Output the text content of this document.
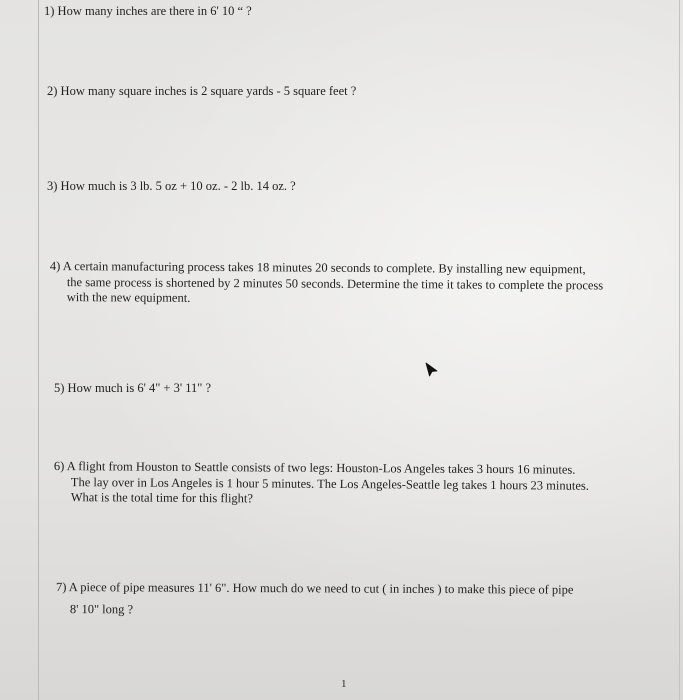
1) How many inches are there in 6' 10 “ ?
2) How many square inches is 2 square yards - 5 square feet ?
3) How much is 3 lb. 5 oz + 10 oz. - 2 lb. 14 oz. ?
4) A certain manufacturing process takes 18 minutes 20 seconds to complete. By installing new equipment,
the same process is shortened by 2 minutes 50 seconds. Determine the time it takes to complete the process
with the new equipment.
5) How much is 6' 4" + 3' 11" ?
6) A flight from Houston to Seattle consists of two legs: Houston-Los Angeles takes 3 hours 16 minutes.
The lay over in Los Angeles is 1 hour 5 minutes. The Los Angeles-Seattle leg takes 1 hours 23 minutes.
What is the total time for this flight?
7) A piece of pipe measures 11' 6". How much do we need to cut ( in inches ) to make this piece of pipe
8' 10" long ?
1
